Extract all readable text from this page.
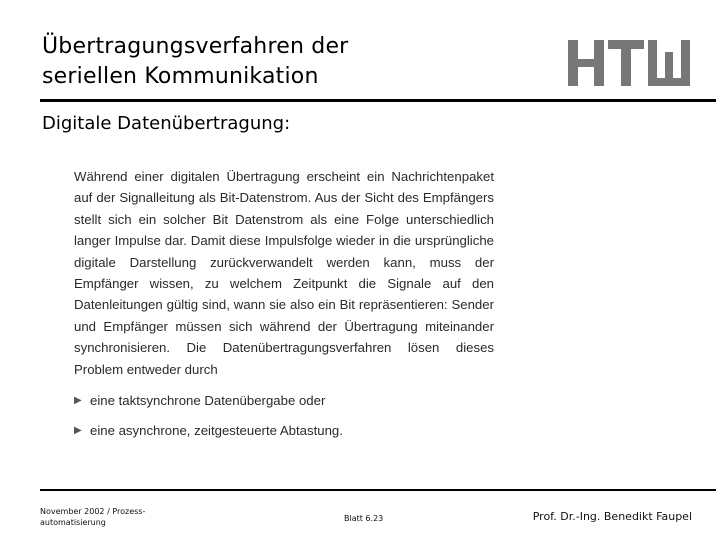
Übertragungsverfahren der
seriellen Kommunikation
Digitale Datenübertragung:

Während einer digitalen Übertragung erscheint ein Nachrichtenpaket auf der Signalleitung als Bit-Datenstrom. Aus der Sicht des Empfängers stellt sich ein solcher Bit Datenstrom als eine Folge unterschiedlich langer Impulse dar. Damit diese Impulsfolge wieder in die ursprüngliche digitale Darstellung zurückverwandelt werden kann, muss der Empfänger wissen, zu welchem Zeitpunkt die Signale auf den Datenleitungen gültig sind, wann sie also ein Bit repräsentieren: Sender und Empfänger müssen sich während der Übertragung miteinander synchronisieren. Die Datenübertragungsverfahren lösen dieses Problem entweder durch

▶ eine taktsynchrone Datenübergabe oder
▶ eine asynchrone, zeitgesteuerte Abtastung.
November 2002 / Prozess-
automatisierung	Blatt 6.23	Prof. Dr.-Ing. Benedikt Faupel
